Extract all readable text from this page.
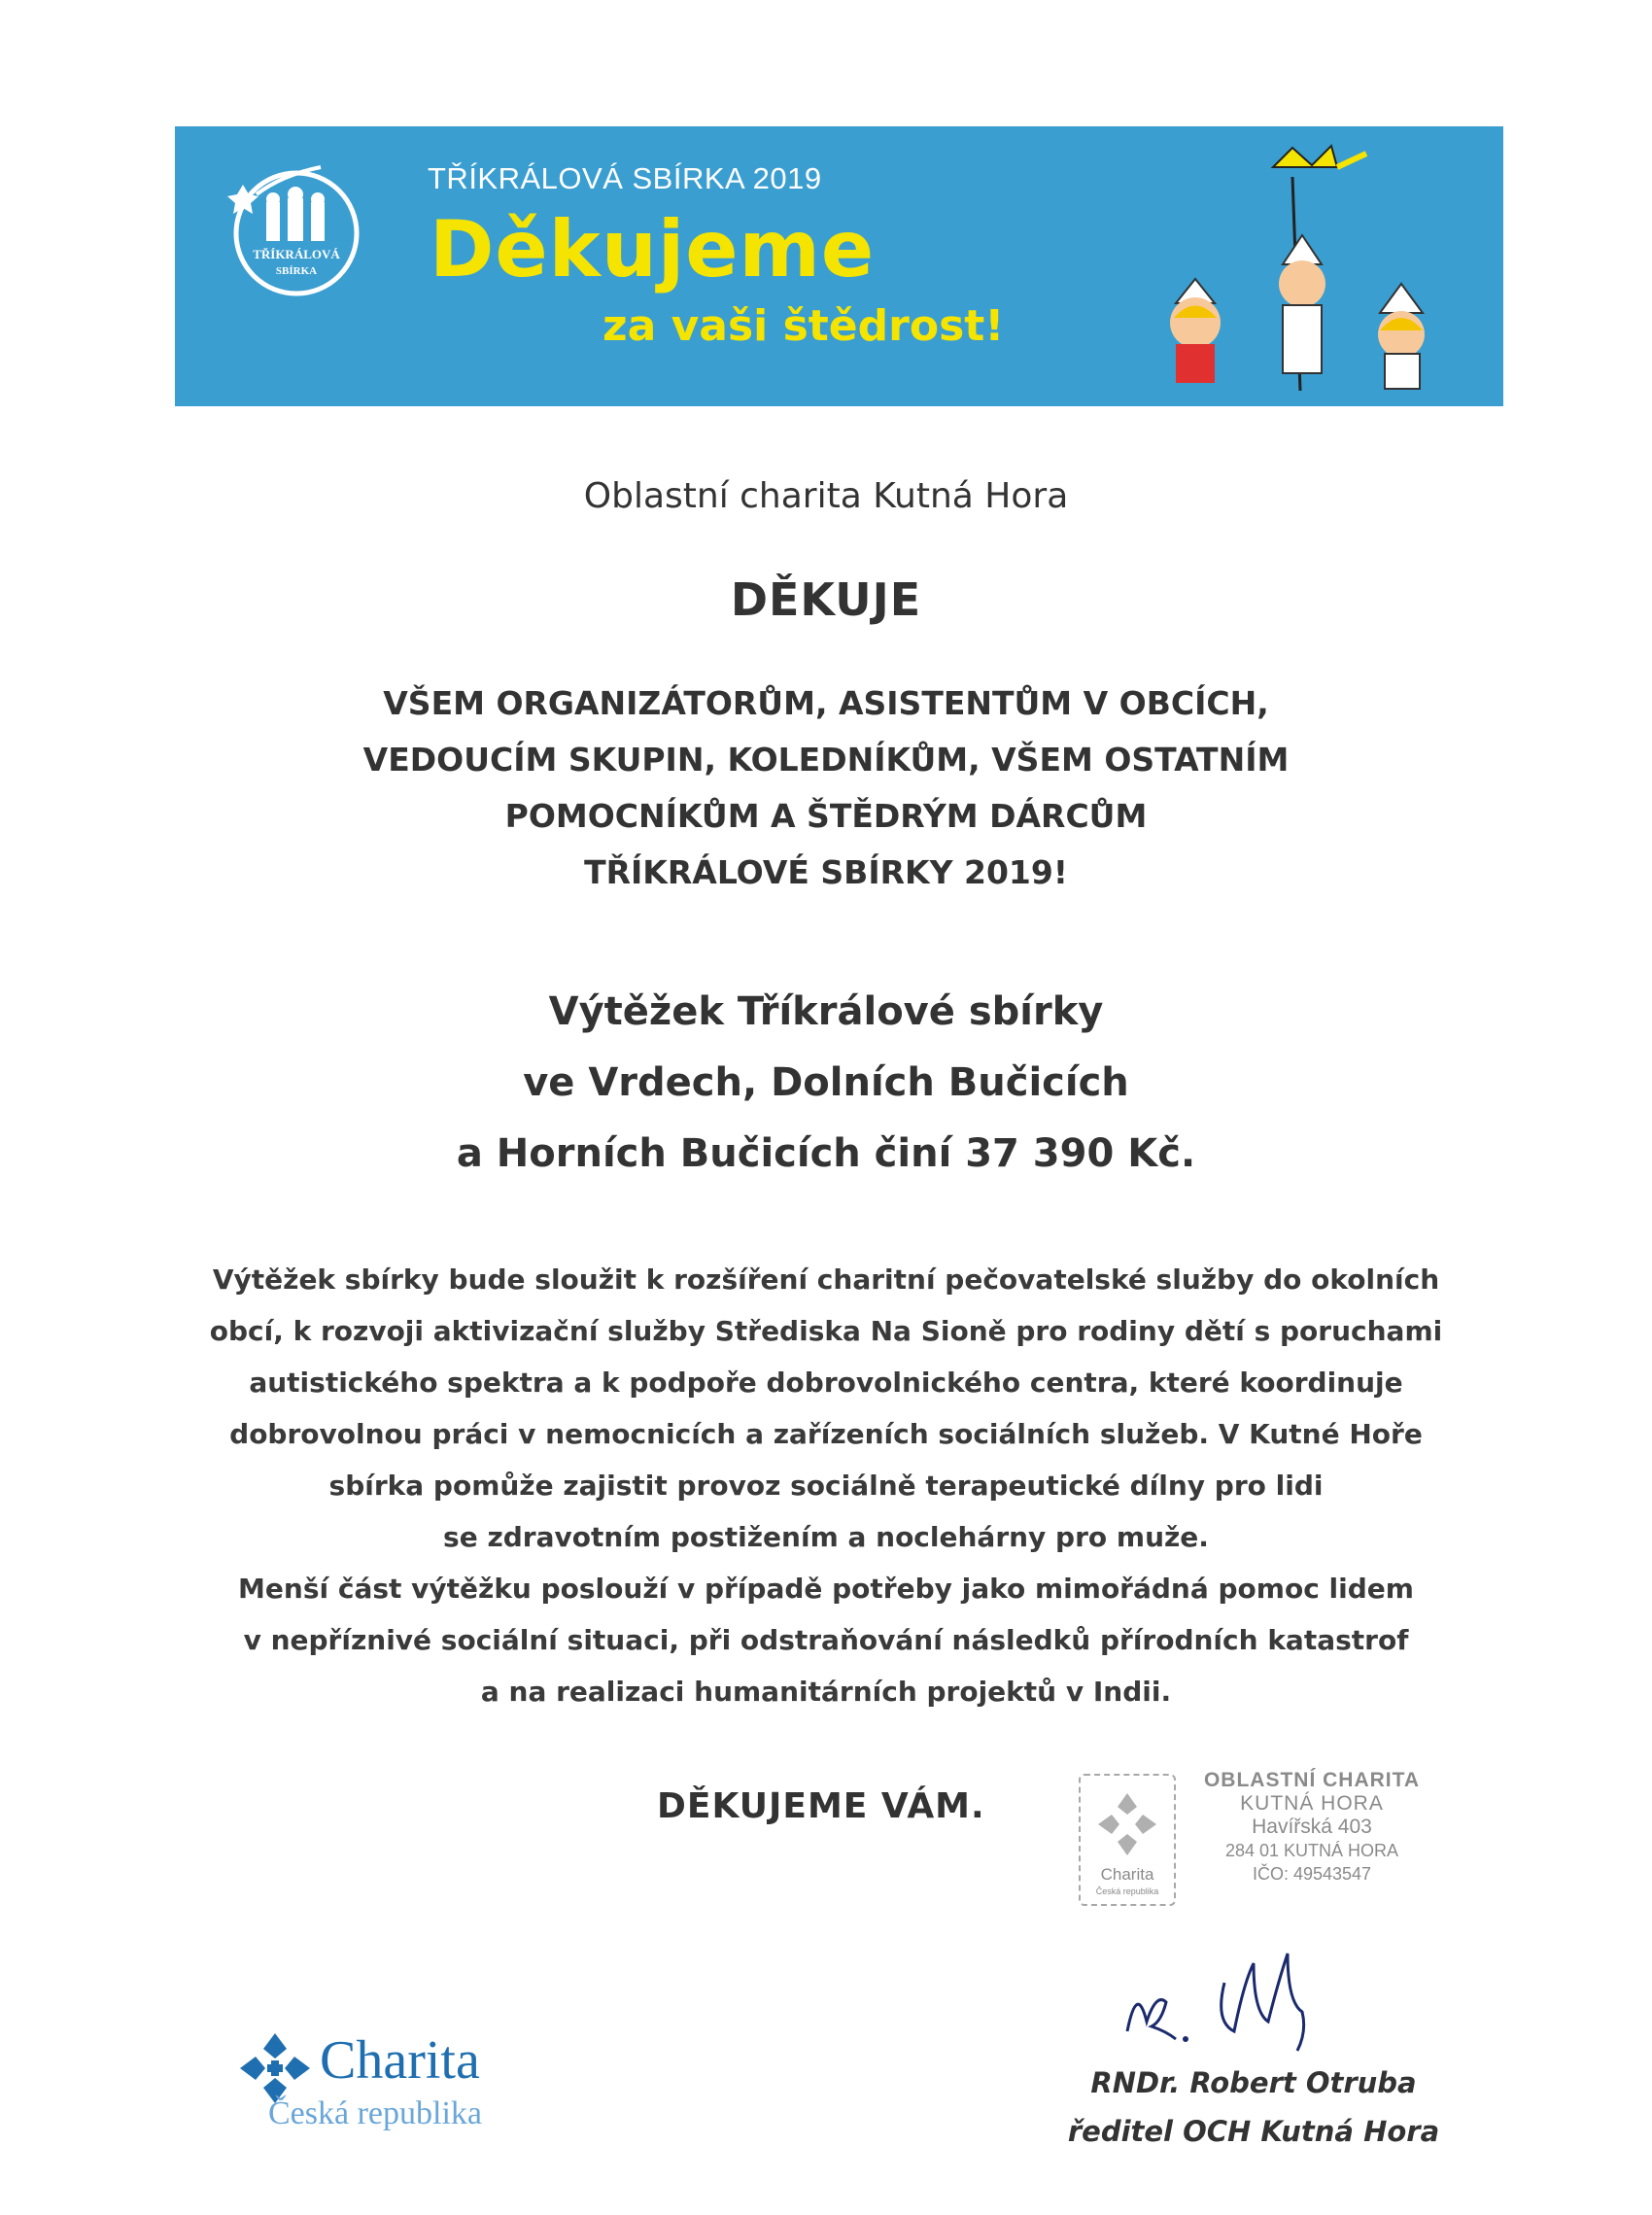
TŘÍKRÁLOVÁ
SBÍRKA
TŘÍKRÁLOVÁ SBÍRKA 2019
Děkujeme
za vaši štědrost!
Oblastní charita Kutná Hora
DĚKUJE
VŠEM ORGANIZÁTORŮM, ASISTENTŮM V OBCÍCH,
VEDOUCÍM SKUPIN, KOLEDNÍKŮM, VŠEM OSTATNÍM
POMOCNÍKŮM A ŠTĚDRÝM DÁRCŮM
TŘÍKRÁLOVÉ SBÍRKY 2019!
Výtěžek Tříkrálové sbírky
ve Vrdech, Dolních Bučicích
a Horních Bučicích činí 37 390 Kč.
Výtěžek sbírky bude sloužit k rozšíření charitní pečovatelské služby do okolních
obcí, k rozvoji aktivizační služby Střediska Na Sioně pro rodiny dětí s poruchami
autistického spektra a k podpoře dobrovolnického centra, které koordinuje
dobrovolnou práci v nemocnicích a zařízeních sociálních služeb. V Kutné Hoře
sbírka pomůže zajistit provoz sociálně terapeutické dílny pro lidi
se zdravotním postižením a noclehárny pro muže.
Menší část výtěžku poslouží v případě potřeby jako mimořádná pomoc lidem
v nepříznivé sociální situaci, při odstraňování následků přírodních katastrof
a na realizaci humanitárních projektů v Indii.
DĚKUJEME VÁM.
Charita
Česká republika
OBLASTNÍ CHARITA
KUTNÁ HORA
Havířská 403
284 01 KUTNÁ HORA
IČO: 49543547
RNDr. Robert Otruba
ředitel OCH Kutná Hora
Charita
Česká republika
